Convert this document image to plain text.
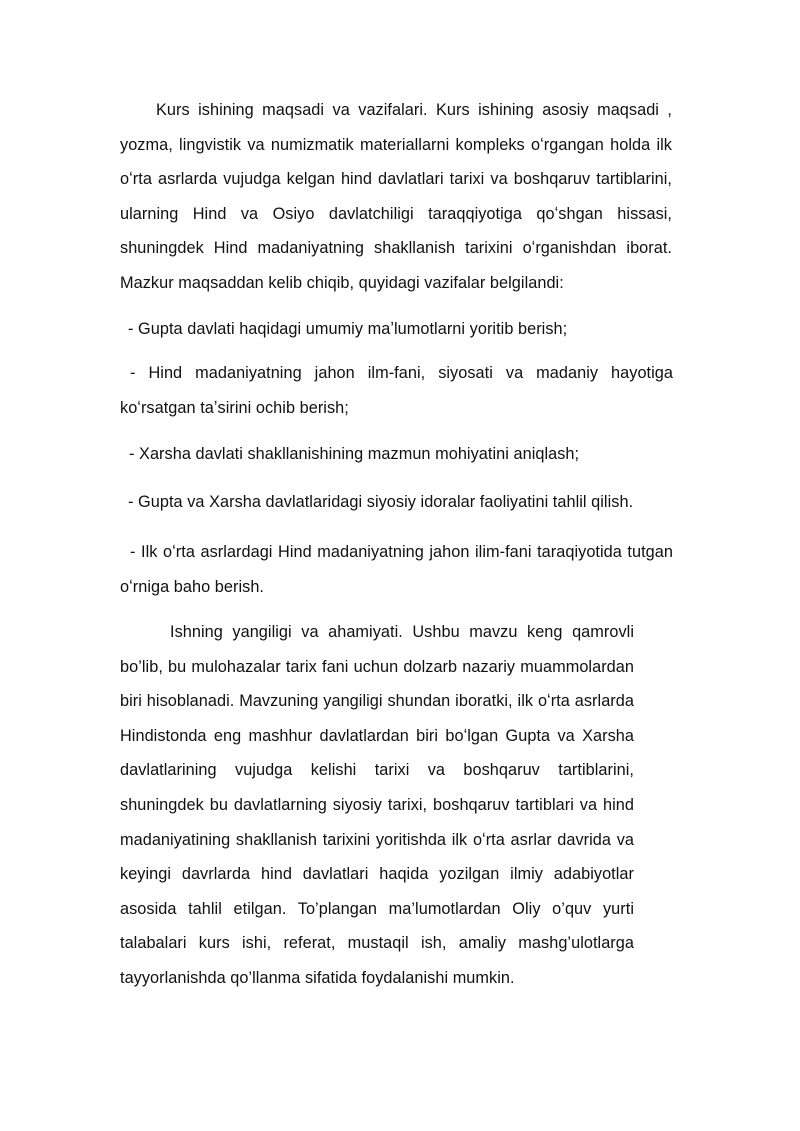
Kurs ishining maqsadi va vazifalari. Kurs ishining asosiy maqsadi , yozma, lingvistik va numizmatik materiallarni kompleks oʻrgangan holda ilk oʻrta asrlarda vujudga kelgan hind davlatlari tarixi va boshqaruv tartiblarini, ularning Hind va Osiyo davlatchiligi taraqqiyotiga qoʻshgan hissasi, shuningdek Hind madaniyatning shakllanish tarixini oʻrganishdan iborat. Mazkur maqsaddan kelib chiqib, quyidagi vazifalar belgilandi:

- Gupta davlati haqidagi umumiy maʼlumotlarni yoritib berish;

- Hind madaniyatning jahon ilm-fani, siyosati va madaniy hayotiga koʻrsatgan taʼsirini ochib berish;

- Xarsha davlati shakllanishining mazmun mohiyatini aniqlash;

- Gupta va Xarsha davlatlaridagi siyosiy idoralar faoliyatini tahlil qilish.

- Ilk oʻrta asrlardagi Hind madaniyatning jahon ilim-fani taraqiyotida tutgan oʻrniga baho berish.

Ishning yangiligi va ahamiyati. Ushbu mavzu keng qamrovli bo’lib, bu mulohazalar tarix fani uchun dolzarb nazariy muammolardan biri hisoblanadi. Mavzuning yangiligi shundan iboratki, ilk oʻrta asrlarda Hindistonda eng mashhur davlatlardan biri boʻlgan Gupta va Xarsha davlatlarining vujudga kelishi tarixi va boshqaruv tartiblarini, shuningdek bu davlatlarning siyosiy tarixi, boshqaruv tartiblari va hind madaniyatining shakllanish tarixini yoritishda ilk oʻrta asrlar davrida va keyingi davrlarda hind davlatlari haqida yozilgan ilmiy adabiyotlar asosida tahlil etilgan. To’plangan ma’lumotlardan Oliy o’quv yurti talabalari kurs ishi, referat, mustaqil ish, amaliy mashg’ulotlarga tayyorlanishda qo’llanma sifatida foydalanishi mumkin.
